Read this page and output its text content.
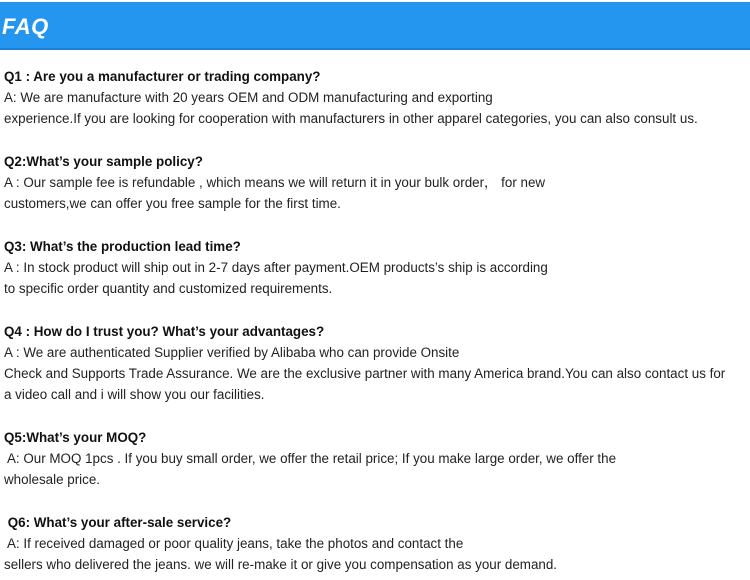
FAQ
Q1 : Are you a manufacturer or trading company?
A: We are manufacture with 20 years OEM and ODM manufacturing and exporting
experience.If you are looking for cooperation with manufacturers in other apparel categories, you can also consult us.
Q2:What’s your sample policy?
A : Our sample fee is refundable , which means we will return it in your bulk order， for new
customers,we can offer you free sample for the first time.
Q3: What’s the production lead time?
A : In stock product will ship out in 2-7 days after payment.OEM products’s ship is according
to specific order quantity and customized requirements.
Q4 : How do I trust you? What’s your advantages?
A : We are authenticated Supplier verified by Alibaba who can provide Onsite
Check and Supports Trade Assurance. We are the exclusive partner with many America brand.You can also contact us for
a video call and i will show you our facilities.
Q5:What’s your MOQ?
A: Our MOQ 1pcs . If you buy small order, we offer the retail price; If you make large order, we offer the
wholesale price.
Q6: What’s your after-sale service?
A: If received damaged or poor quality jeans, take the photos and contact the
sellers who delivered the jeans. we will re-make it or give you compensation as your demand.
